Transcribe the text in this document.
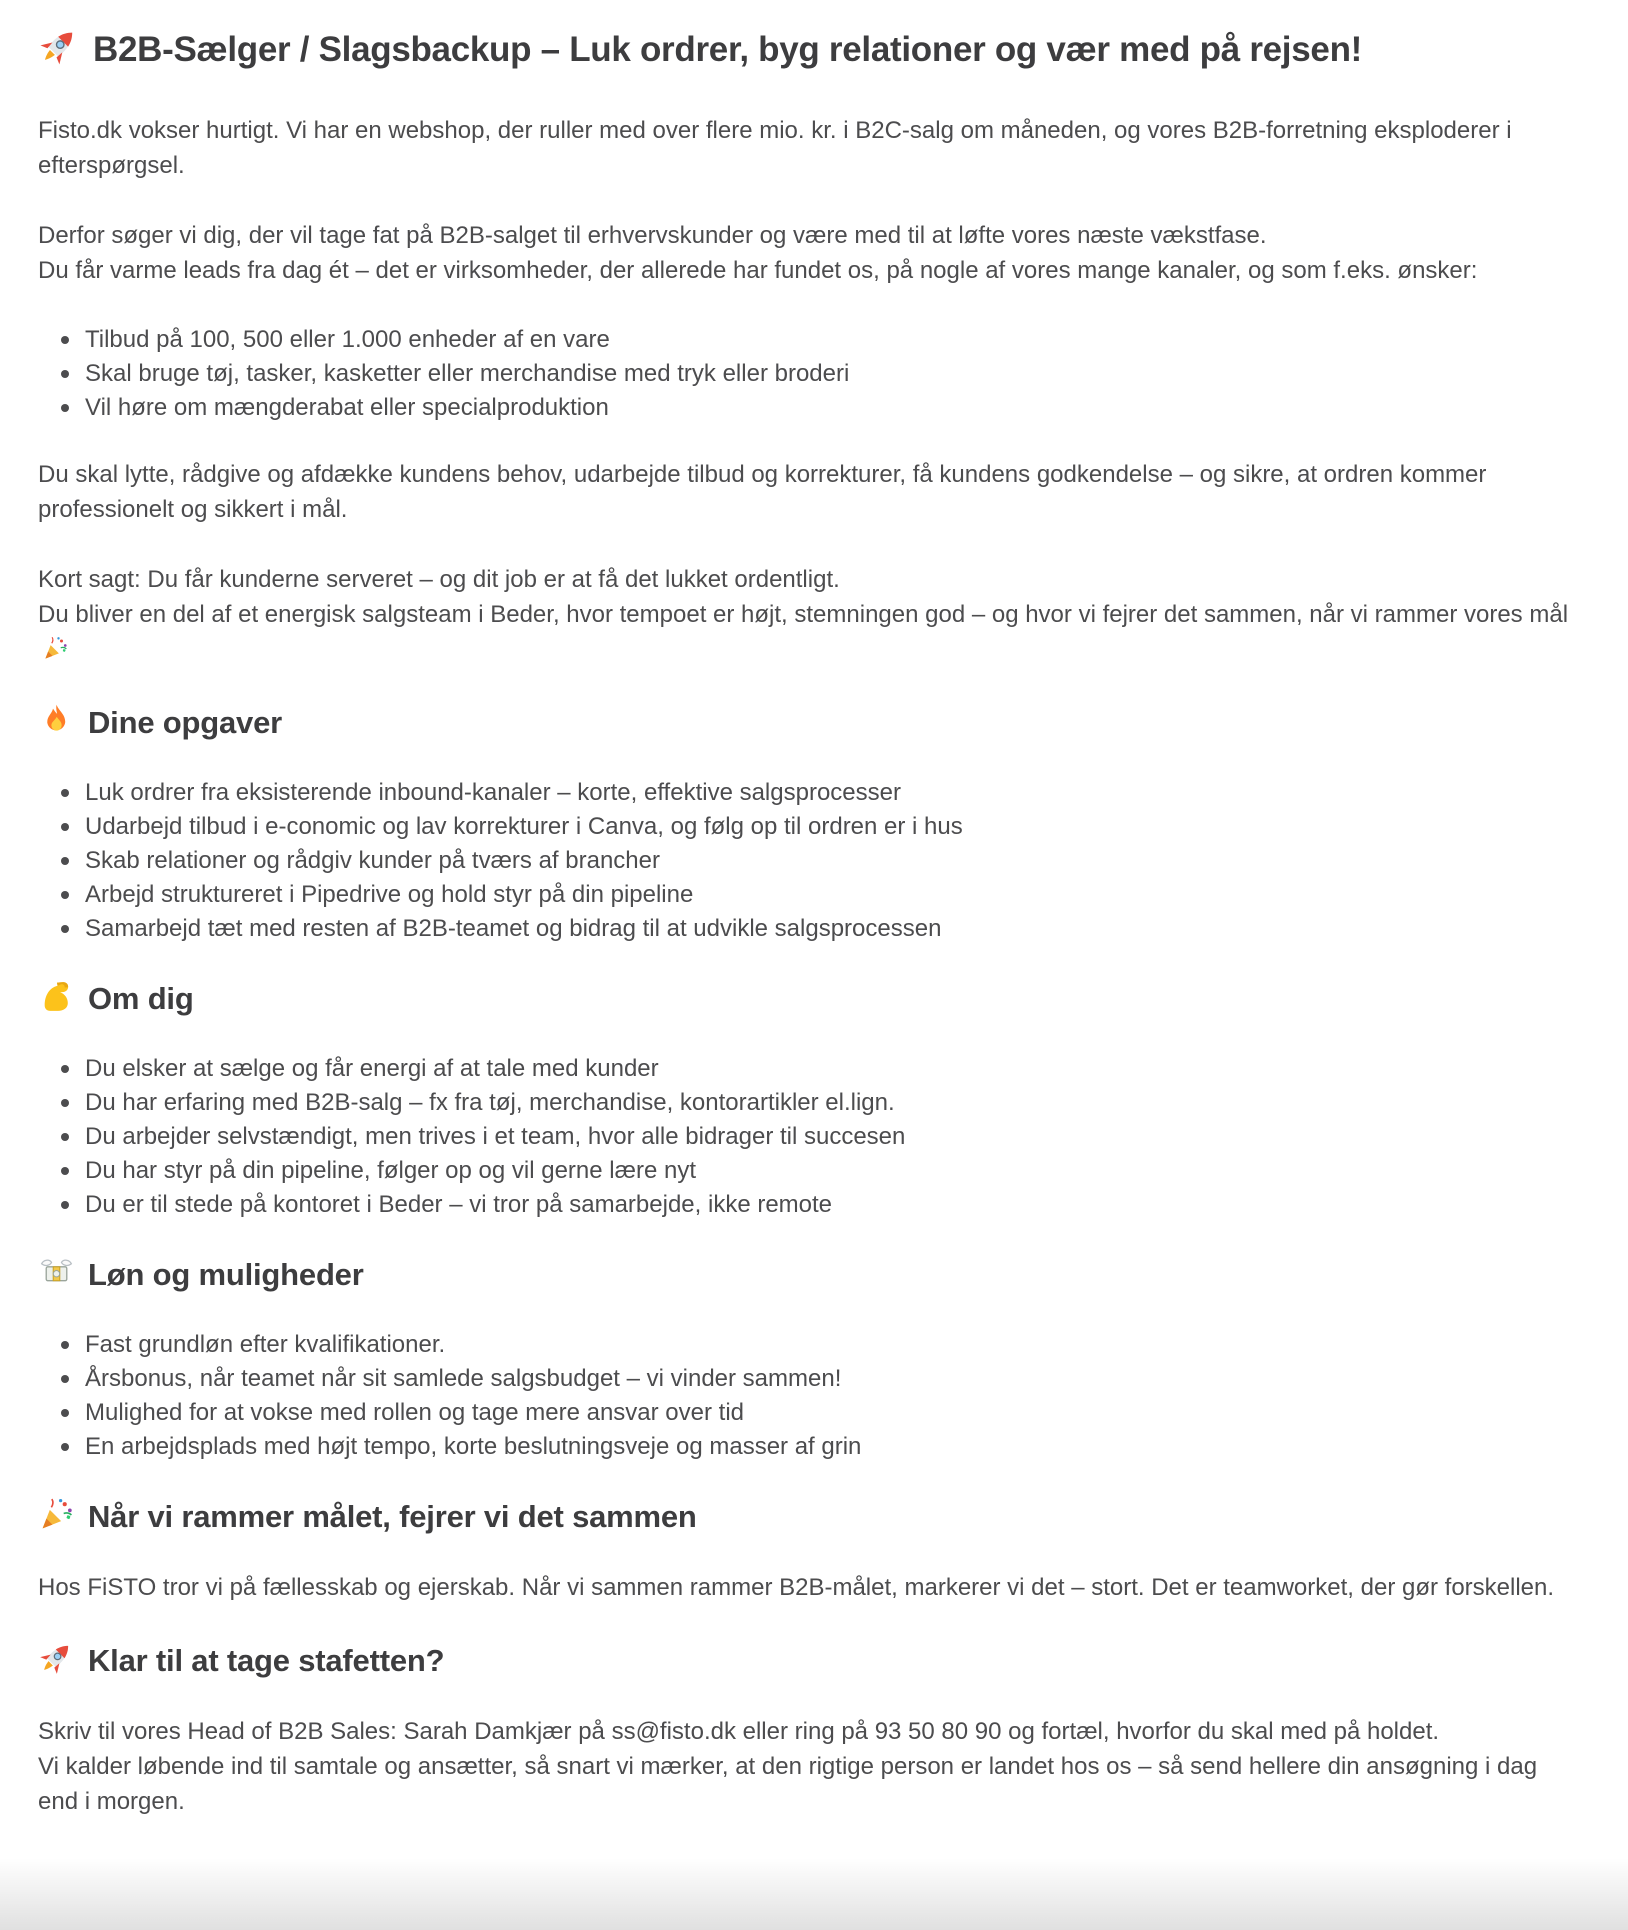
B2B-Sælger / Slagsbackup – Luk ordrer, byg relationer og vær med på rejsen!

Fisto.dk vokser hurtigt. Vi har en webshop, der ruller med over flere mio. kr. i B2C-salg om måneden, og vores B2B-forretning eksploderer i efterspørgsel.

Derfor søger vi dig, der vil tage fat på B2B-salget til erhvervskunder og være med til at løfte vores næste vækstfase.
Du får varme leads fra dag ét – det er virksomheder, der allerede har fundet os, på nogle af vores mange kanaler, og som f.eks. ønsker:

Tilbud på 100, 500 eller 1.000 enheder af en vare
Skal bruge tøj, tasker, kasketter eller merchandise med tryk eller broderi
Vil høre om mængderabat eller specialproduktion

Du skal lytte, rådgive og afdække kundens behov, udarbejde tilbud og korrekturer, få kundens godkendelse – og sikre, at ordren kommer professionelt og sikkert i mål.

Kort sagt: Du får kunderne serveret – og dit job er at få det lukket ordentligt.
Du bliver en del af et energisk salgsteam i Beder, hvor tempoet er højt, stemningen god – og hvor vi fejrer det sammen, når vi rammer vores mål

Dine opgaver
Luk ordrer fra eksisterende inbound-kanaler – korte, effektive salgsprocesser
Udarbejd tilbud i e-conomic og lav korrekturer i Canva, og følg op til ordren er i hus
Skab relationer og rådgiv kunder på tværs af brancher
Arbejd struktureret i Pipedrive og hold styr på din pipeline
Samarbejd tæt med resten af B2B-teamet og bidrag til at udvikle salgsprocessen
Om dig
Du elsker at sælge og får energi af at tale med kunder
Du har erfaring med B2B-salg – fx fra tøj, merchandise, kontorartikler el.lign.
Du arbejder selvstændigt, men trives i et team, hvor alle bidrager til succesen
Du har styr på din pipeline, følger op og vil gerne lære nyt
Du er til stede på kontoret i Beder – vi tror på samarbejde, ikke remote
Løn og muligheder
Fast grundløn efter kvalifikationer.
Årsbonus, når teamet når sit samlede salgsbudget – vi vinder sammen!
Mulighed for at vokse med rollen og tage mere ansvar over tid
En arbejdsplads med højt tempo, korte beslutningsveje og masser af grin
Når vi rammer målet, fejrer vi det sammen

Hos FiSTO tror vi på fællesskab og ejerskab. Når vi sammen rammer B2B-målet, markerer vi det – stort. Det er teamworket, der gør forskellen.

Klar til at tage stafetten?

Skriv til vores Head of B2B Sales: Sarah Damkjær på ss@fisto.dk eller ring på 93 50 80 90 og fortæl, hvorfor du skal med på holdet.
Vi kalder løbende ind til samtale og ansætter, så snart vi mærker, at den rigtige person er landet hos os – så send hellere din ansøgning i dag end i morgen.
